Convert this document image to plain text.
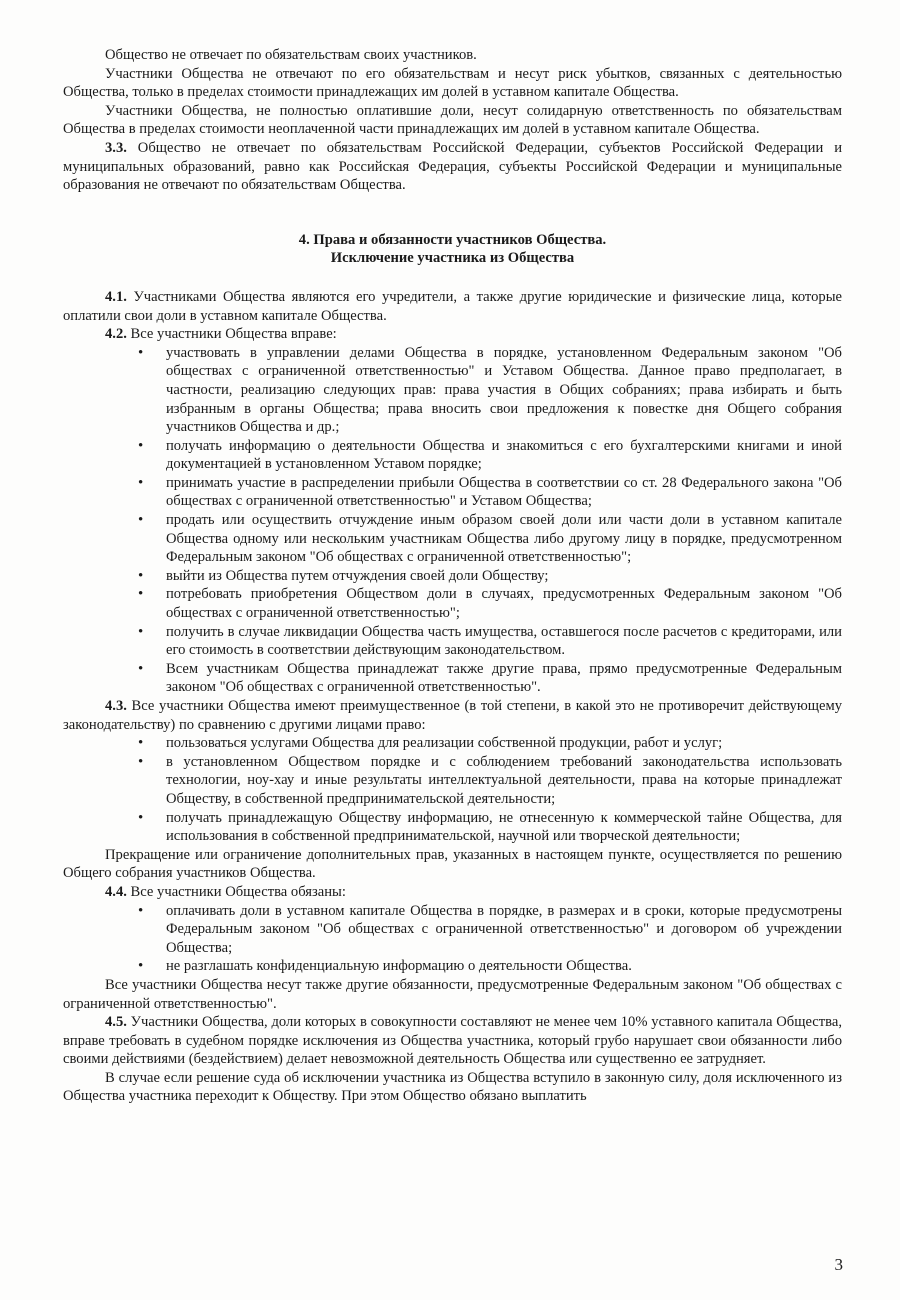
Общество не отвечает по обязательствам своих участников.

Участники Общества не отвечают по его обязательствам и несут риск убытков, связанных с деятельностью Общества, только в пределах стоимости принадлежащих им долей в уставном капитале Общества.

Участники Общества, не полностью оплатившие доли, несут солидарную ответственность по обязательствам Общества в пределах стоимости неоплаченной части принадлежащих им долей в уставном капитале Общества.

3.3. Общество не отвечает по обязательствам Российской Федерации, субъектов Российской Федерации и муниципальных образований, равно как Российская Федерация, субъекты Российской Федерации и муниципальные образования не отвечают по обязательствам Общества.

4. Права и обязанности участников Общества.
Исключение участника из Общества

4.1. Участниками Общества являются его учредители, а также другие юридические и физические лица, которые оплатили свои доли в уставном капитале Общества.

4.2. Все участники Общества вправе:

• участвовать в управлении делами Общества в порядке, установленном Федеральным законом "Об обществах с ограниченной ответственностью" и Уставом Общества. Данное право предполагает, в частности, реализацию следующих прав: права участия в Общих собраниях; права избирать и быть избранным в органы Общества; права вносить свои предложения к повестке дня Общего собрания участников Общества и др.;
• получать информацию о деятельности Общества и знакомиться с его бухгалтерскими книгами и иной документацией в установленном Уставом порядке;
• принимать участие в распределении прибыли Общества в соответствии со ст. 28 Федерального закона "Об обществах с ограниченной ответственностью" и Уставом Общества;
• продать или осуществить отчуждение иным образом своей доли или части доли в уставном капитале Общества одному или нескольким участникам Общества либо другому лицу в порядке, предусмотренном Федеральным законом "Об обществах с ограниченной ответственностью";
• выйти из Общества путем отчуждения своей доли Обществу;
• потребовать приобретения Обществом доли в случаях, предусмотренных Федеральным законом "Об обществах с ограниченной ответственностью";
• получить в случае ликвидации Общества часть имущества, оставшегося после расчетов с кредиторами, или его стоимость в соответствии действующим законодательством.
• Всем участникам Общества принадлежат также другие права, прямо предусмотренные Федеральным законом "Об обществах с ограниченной ответственностью".

4.3. Все участники Общества имеют преимущественное (в той степени, в какой это не противоречит действующему законодательству) по сравнению с другими лицами право:

• пользоваться услугами Общества для реализации собственной продукции, работ и услуг;
• в установленном Обществом порядке и с соблюдением требований законодательства использовать технологии, ноу-хау и иные результаты интеллектуальной деятельности, права на которые принадлежат Обществу, в собственной предпринимательской деятельности;
• получать принадлежащую Обществу информацию, не отнесенную к коммерческой тайне Общества, для использования в собственной предпринимательской, научной или творческой деятельности;

Прекращение или ограничение дополнительных прав, указанных в настоящем пункте, осуществляется по решению Общего собрания участников Общества.

4.4. Все участники Общества обязаны:

• оплачивать доли в уставном капитале Общества в порядке, в размерах и в сроки, которые предусмотрены Федеральным законом "Об обществах с ограниченной ответственностью" и договором об учреждении Общества;
• не разглашать конфиденциальную информацию о деятельности Общества.

Все участники Общества несут также другие обязанности, предусмотренные Федеральным законом "Об обществах с ограниченной ответственностью".

4.5. Участники Общества, доли которых в совокупности составляют не менее чем 10% уставного капитала Общества, вправе требовать в судебном порядке исключения из Общества участника, который грубо нарушает свои обязанности либо своими действиями (бездействием) делает невозможной деятельность Общества или существенно ее затрудняет.

В случае если решение суда об исключении участника из Общества вступило в законную силу, доля исключенного из Общества участника переходит к Обществу. При этом Общество обязано выплатить

3
